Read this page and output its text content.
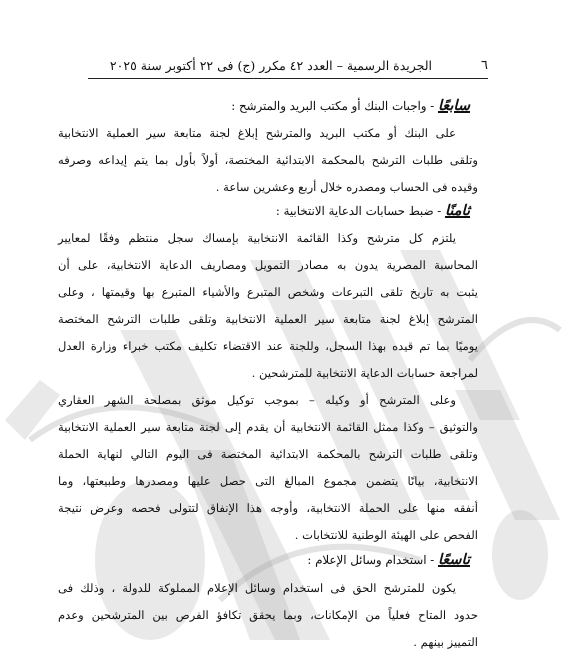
٦
الجريدة الرسمية – العدد ٤٢ مكرر (ج) فى ٢٢ أكتوبر سنة ٢٠٢٥
سابعًا - واجبات البنك أو مكتب البريد والمترشح :
على البنك أو مكتب البريد والمترشح إبلاغ لجنة متابعة سير العملية الانتخابية
وتلقى طلبات الترشح بالمحكمة الابتدائية المختصة، أولاً بأول بما يتم إيداعه وصرفه
وقيده فى الحساب ومصدره خلال أربع وعشرين ساعة .
ثامنًا - ضبط حسابات الدعاية الانتخابية :
يلتزم كل مترشح وكذا القائمة الانتخابية بإمساك سجل منتظم وفقًا لمعايير
المحاسبة المصرية يدون به مصادر التمويل ومصاريف الدعاية الانتخابية، على أن
يثبت به تاريخ تلقى التبرعات وشخص المتبرع والأشياء المتبرع بها وقيمتها ، وعلى
المترشح إبلاغ لجنة متابعة سير العملية الانتخابية وتلقى طلبات الترشح المختصة
يوميًا بما تم قيده بهذا السجل، وللجنة عند الاقتضاء تكليف مكتب خبراء وزارة العدل
لمراجعة حسابات الدعاية الانتخابية للمترشحين .
وعلى المترشح أو وكيله – بموجب توكيل موثق بمصلحة الشهر العقاري
والتوثيق – وكذا ممثل القائمة الانتخابية أن يقدم إلى لجنة متابعة سير العملية الانتخابية
وتلقى طلبات الترشح بالمحكمة الابتدائية المختصة فى اليوم التالي لنهاية الحملة
الانتخابية، بيانًا يتضمن مجموع المبالغ التى حصل عليها ومصدرها وطبيعتها، وما
أنفقه منها على الحملة الانتخابية، وأوجه هذا الإنفاق لتتولى فحصه وعرض نتيجة
الفحص على الهيئة الوطنية للانتخابات .
تاسعًا - استخدام وسائل الإعلام :
يكون للمترشح الحق فى استخدام وسائل الإعلام المملوكة للدولة ، وذلك فى
حدود المتاح فعلياً من الإمكانات، وبما يحقق تكافؤ الفرص بين المترشحين وعدم
التمييز بينهم .
